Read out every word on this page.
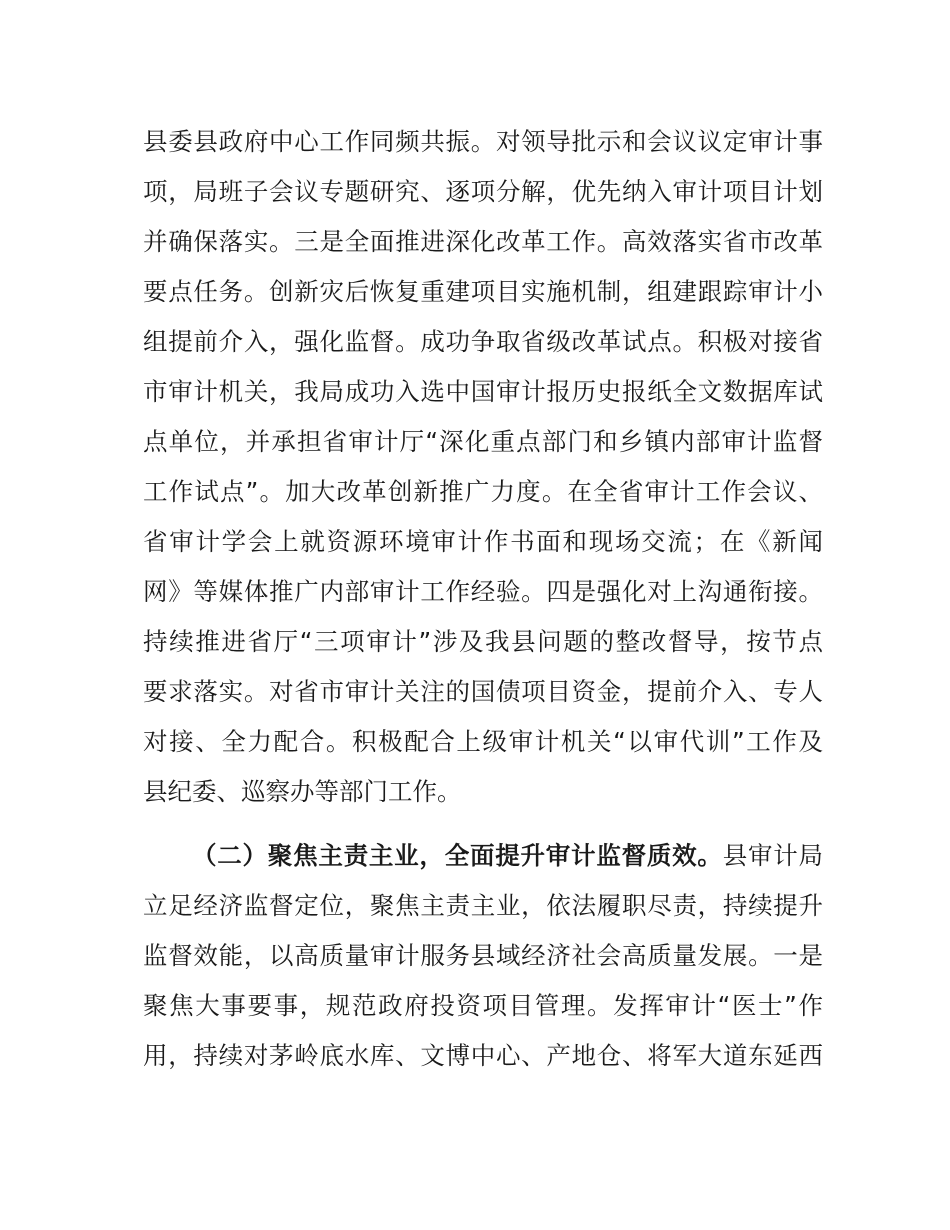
县委县政府中心工作同频共振。对领导批示和会议议定审计事
项，局班子会议专题研究、逐项分解，优先纳入审计项目计划
并确保落实。三是全面推进深化改革工作。高效落实省市改革
要点任务。创新灾后恢复重建项目实施机制，组建跟踪审计小
组提前介入，强化监督。成功争取省级改革试点。积极对接省
市审计机关，我局成功入选中国审计报历史报纸全文数据库试
点单位，并承担省审计厅“深化重点部门和乡镇内部审计监督
工作试点”。加大改革创新推广力度。在全省审计工作会议、
省审计学会上就资源环境审计作书面和现场交流；在《新闻
网》等媒体推广内部审计工作经验。四是强化对上沟通衔接。
持续推进省厅“三项审计”涉及我县问题的整改督导，按节点
要求落实。对省市审计关注的国债项目资金，提前介入、专人
对接、全力配合。积极配合上级审计机关“以审代训”工作及
县纪委、巡察办等部门工作。
（二）聚焦主责主业，全面提升审计监督质效。县审计局
立足经济监督定位，聚焦主责主业，依法履职尽责，持续提升
监督效能，以高质量审计服务县域经济社会高质量发展。一是
聚焦大事要事，规范政府投资项目管理。发挥审计“医士”作
用，持续对茅岭底水库、文博中心、产地仓、将军大道东延西
